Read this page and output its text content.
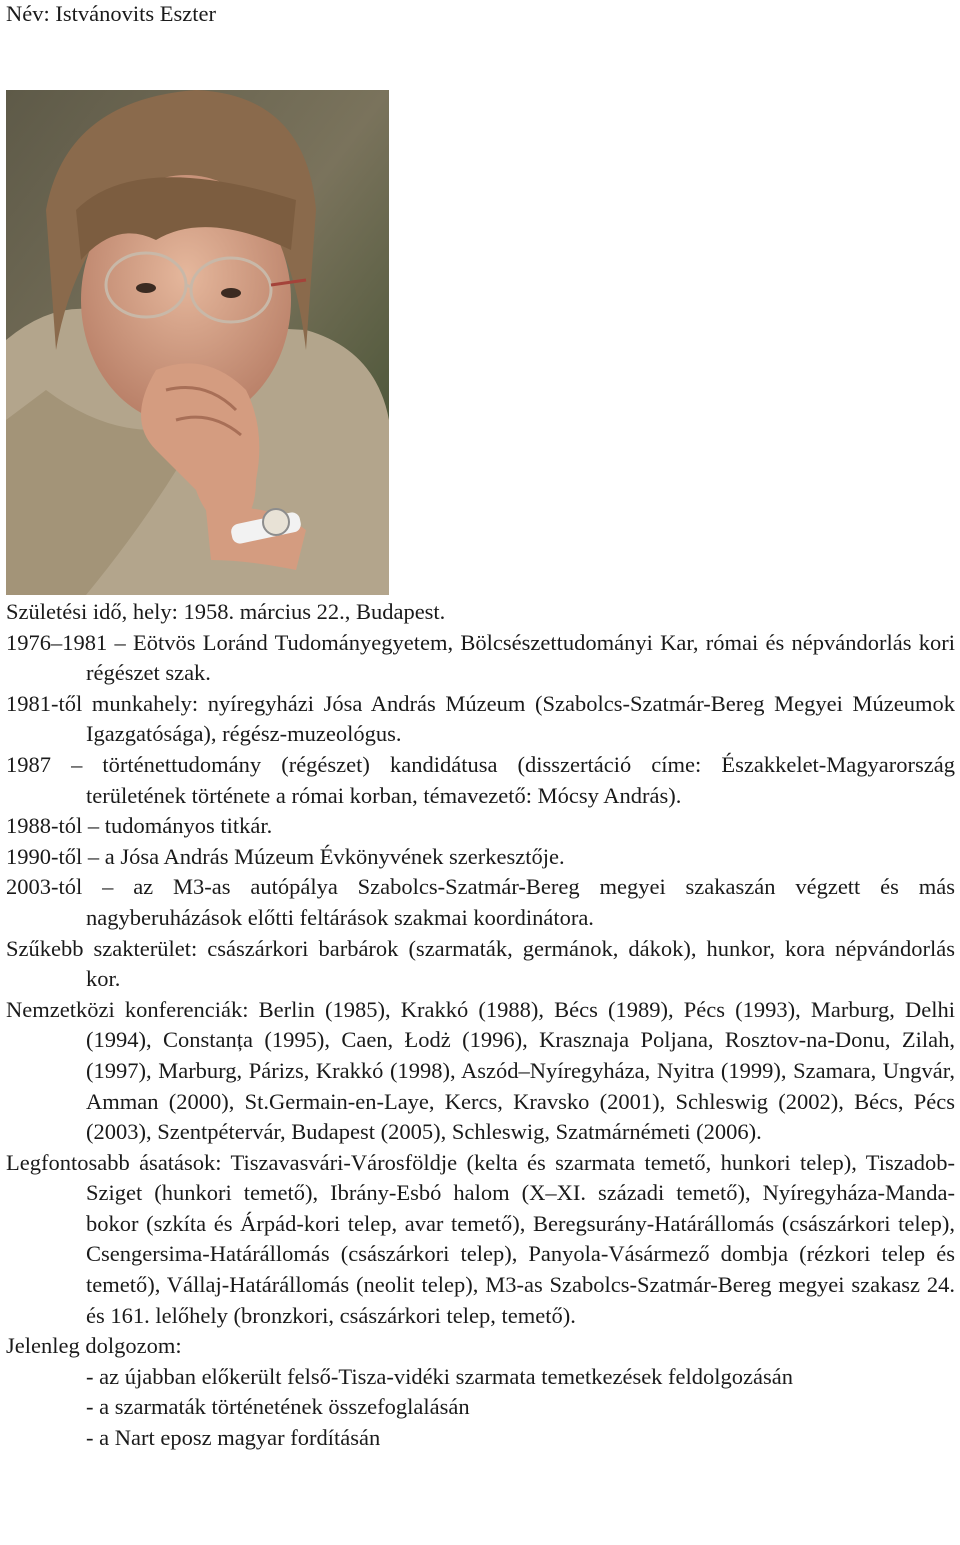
Név: Istvánovits Eszter

Születési idő, hely: 1958. március 22., Budapest.

1976–1981 – Eötvös Loránd Tudományegyetem, Bölcsészettudományi Kar, római és népvándorlás kori régészet szak.

1981-től munkahely: nyíregyházi Jósa András Múzeum (Szabolcs-Szatmár-Bereg Megyei Múzeumok Igazgatósága), régész-muzeológus.

1987 – történettudomány (régészet) kandidátusa (disszertáció címe: Északkelet-Magyarország területének története a római korban, témavezető: Mócsy András).

1988-tól – tudományos titkár.

1990-től – a Jósa András Múzeum Évkönyvének szerkesztője.

2003-tól – az M3-as autópálya Szabolcs-Szatmár-Bereg megyei szakaszán végzett és más nagyberuházások előtti feltárások szakmai koordinátora.

Szűkebb szakterület: császárkori barbárok (szarmaták, germánok, dákok), hunkor, kora népvándorlás kor.

Nemzetközi konferenciák: Berlin (1985), Krakkó (1988), Bécs (1989), Pécs (1993), Marburg, Delhi (1994), Constanța (1995), Caen, Łodż (1996), Krasznaja Poljana, Rosztov-na-Donu, Zilah, (1997), Marburg, Párizs, Krakkó (1998), Aszód–Nyíregyháza, Nyitra (1999), Szamara, Ungvár, Amman (2000), St.Germain-en-Laye, Kercs, Kravsko (2001), Schleswig (2002), Bécs, Pécs (2003), Szentpétervár, Budapest (2005), Schleswig, Szatmárnémeti (2006).

Legfontosabb ásatások: Tiszavasvári-Városföldje (kelta és szarmata temető, hunkori telep), Tiszadob-Sziget (hunkori temető), Ibrány-Esbó halom (X–XI. századi temető), Nyíregyháza-Manda-bokor (szkíta és Árpád-kori telep, avar temető), Beregsurány-Határállomás (császárkori telep), Csengersima-Határállomás (császárkori telep), Panyola-Vásármező dombja (rézkori telep és temető), Vállaj-Határállomás (neolit telep), M3-as Szabolcs-Szatmár-Bereg megyei szakasz 24. és 161. lelőhely (bronzkori, császárkori telep, temető).

Jelenleg dolgozom:

- az újabban előkerült felső-Tisza-vidéki szarmata temetkezések feldolgozásán

- a szarmaták történetének összefoglalásán

- a Nart eposz magyar fordításán
